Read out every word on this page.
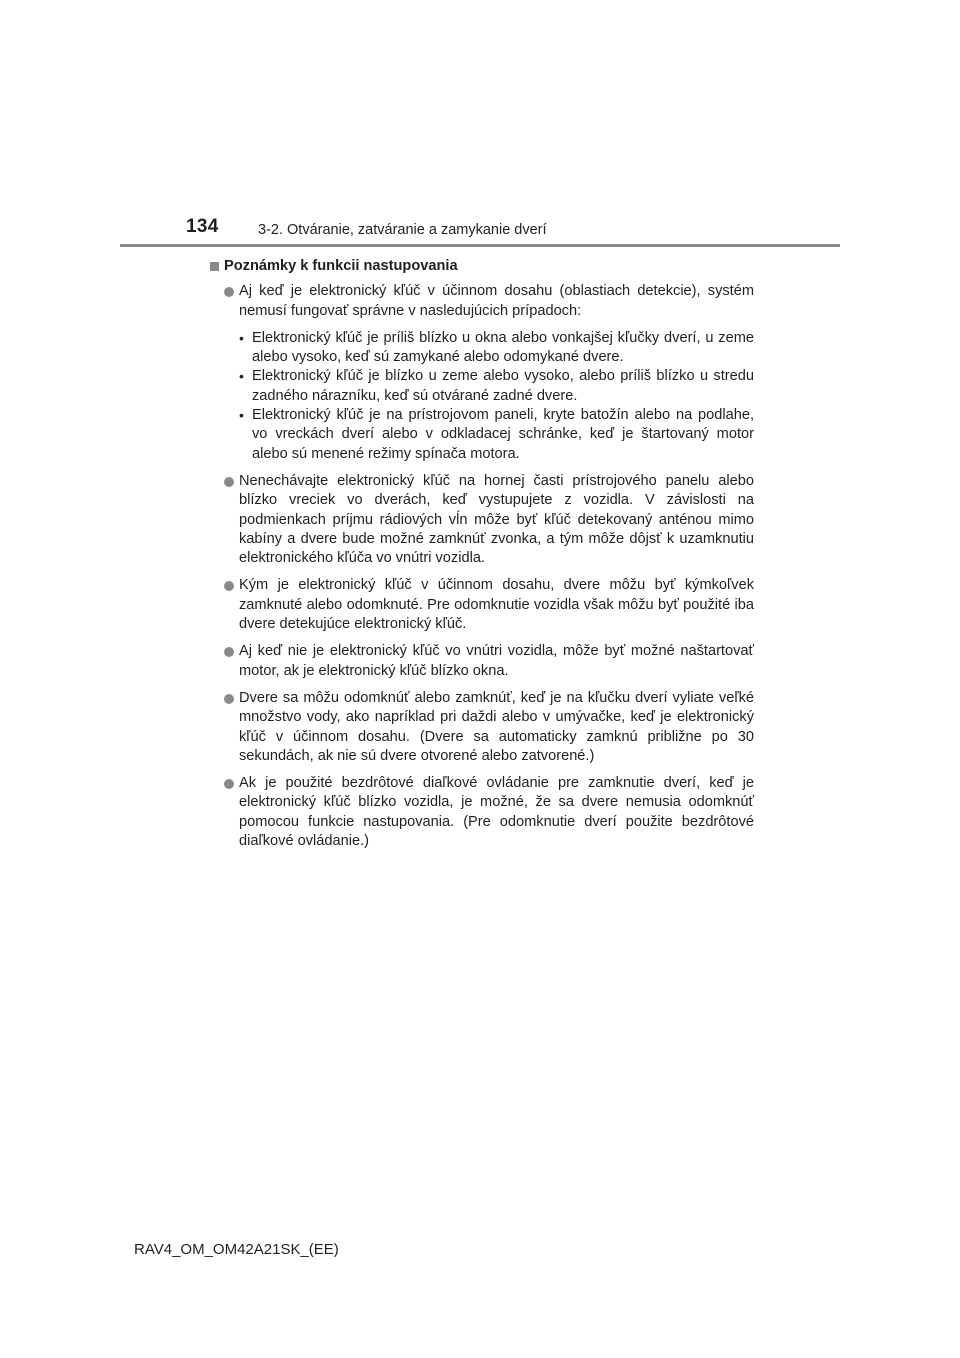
134	3-2. Otváranie, zatváranie a zamykanie dverí
Poznámky k funkcii nastupovania
Aj keď je elektronický kľúč v účinnom dosahu (oblastiach detekcie), systém nemusí fungovať správne v nasledujúcich prípadoch:
• Elektronický kľúč je príliš blízko u okna alebo vonkajšej kľučky dverí, u zeme alebo vysoko, keď sú zamykané alebo odomykané dvere.
• Elektronický kľúč je blízko u zeme alebo vysoko, alebo príliš blízko u stredu zadného nárazníku, keď sú otvárané zadné dvere.
• Elektronický kľúč je na prístrojovom paneli, kryte batožín alebo na podlahe, vo vreckách dverí alebo v odkladacej schránke, keď je štartovaný motor alebo sú menené režimy spínača motora.
Nenechávajte elektronický kľúč na hornej časti prístrojového panelu alebo blízko vreciek vo dverách, keď vystupujete z vozidla. V závislosti na podmienkach príjmu rádiových vĺn môže byť kľúč detekovaný anténou mimo kabíny a dvere bude možné zamknúť zvonka, a tým môže dôjsť k uzamknutiu elektronického kľúča vo vnútri vozidla.
Kým je elektronický kľúč v účinnom dosahu, dvere môžu byť kýmkoľvek zamknuté alebo odomknuté. Pre odomknutie vozidla však môžu byť použité iba dvere detekujúce elektronický kľúč.
Aj keď nie je elektronický kľúč vo vnútri vozidla, môže byť možné naštartovať motor, ak je elektronický kľúč blízko okna.
Dvere sa môžu odomknúť alebo zamknúť, keď je na kľučku dverí vyliate veľké množstvo vody, ako napríklad pri daždi alebo v umývačke, keď je elektronický kľúč v účinnom dosahu. (Dvere sa automaticky zamknú približne po 30 sekundách, ak nie sú dvere otvorené alebo zatvorené.)
Ak je použité bezdrôtové diaľkové ovládanie pre zamknutie dverí, keď je elektronický kľúč blízko vozidla, je možné, že sa dvere nemusia odomknúť pomocou funkcie nastupovania. (Pre odomknutie dverí použite bezdrôtové diaľkové ovládanie.)
RAV4_OM_OM42A21SK_(EE)
